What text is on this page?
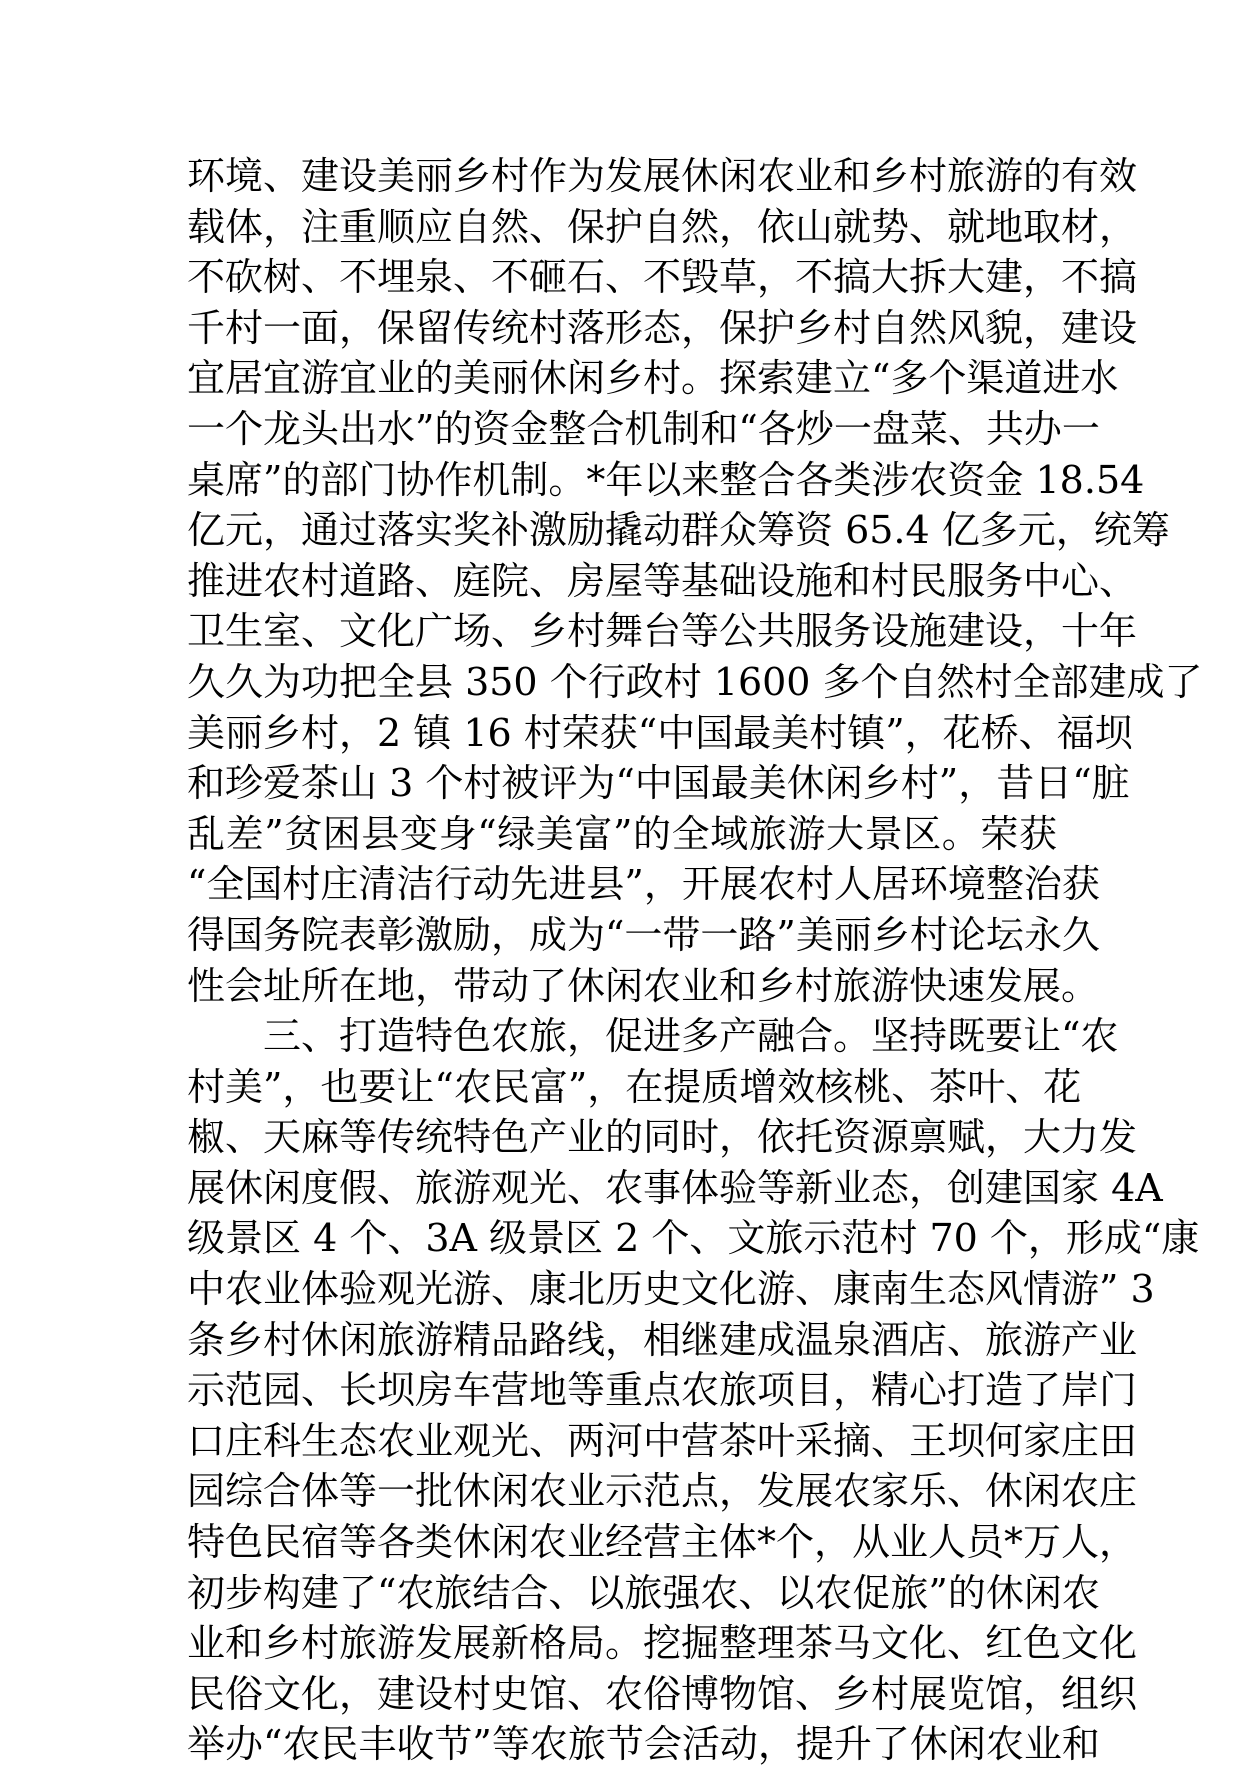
环境、建设美丽乡村作为发展休闲农业和乡村旅游的有效
载体，注重顺应自然、保护自然，依山就势、就地取材，
不砍树、不埋泉、不砸石、不毁草，不搞大拆大建，不搞
千村一面，保留传统村落形态，保护乡村自然风貌，建设
宜居宜游宜业的美丽休闲乡村。探索建立“多个渠道进水
一个龙头出水”的资金整合机制和“各炒一盘菜、共办一
桌席”的部门协作机制。*年以来整合各类涉农资金 18.54
亿元，通过落实奖补激励撬动群众筹资 65.4 亿多元，统筹
推进农村道路、庭院、房屋等基础设施和村民服务中心、
卫生室、文化广场、乡村舞台等公共服务设施建设，十年
久久为功把全县 350 个行政村 1600 多个自然村全部建成了
美丽乡村，2 镇 16 村荣获“中国最美村镇”，花桥、福坝
和珍爱茶山 3 个村被评为“中国最美休闲乡村”，昔日“脏
乱差”贫困县变身“绿美富”的全域旅游大景区。荣获
“全国村庄清洁行动先进县”，开展农村人居环境整治获
得国务院表彰激励，成为“一带一路”美丽乡村论坛永久
性会址所在地，带动了休闲农业和乡村旅游快速发展。
　　三、打造特色农旅，促进多产融合。坚持既要让“农
村美”，也要让“农民富”，在提质增效核桃、茶叶、花
椒、天麻等传统特色产业的同时，依托资源禀赋，大力发
展休闲度假、旅游观光、农事体验等新业态，创建国家 4A
级景区 4 个、3A 级景区 2 个、文旅示范村 70 个，形成“康
中农业体验观光游、康北历史文化游、康南生态风情游” 3
条乡村休闲旅游精品路线，相继建成温泉酒店、旅游产业
示范园、长坝房车营地等重点农旅项目，精心打造了岸门
口庄科生态农业观光、两河中营茶叶采摘、王坝何家庄田
园综合体等一批休闲农业示范点，发展农家乐、休闲农庄
特色民宿等各类休闲农业经营主体*个，从业人员*万人，
初步构建了“农旅结合、以旅强农、以农促旅”的休闲农
业和乡村旅游发展新格局。挖掘整理茶马文化、红色文化
民俗文化，建设村史馆、农俗博物馆、乡村展览馆，组织
举办“农民丰收节”等农旅节会活动，提升了休闲农业和
